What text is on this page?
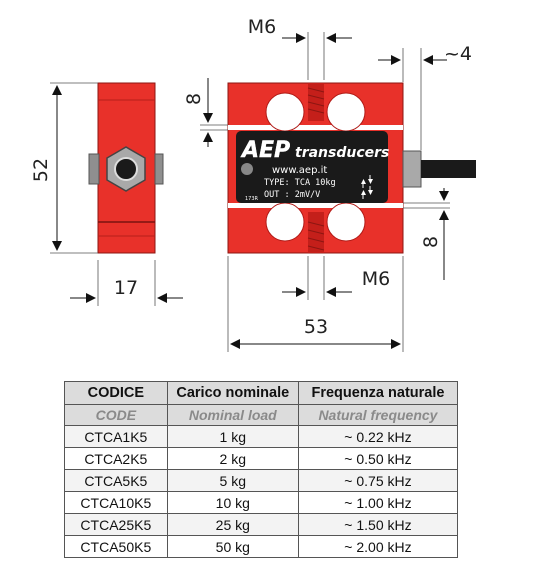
52
17
AEP transducers
www.aep.it
TYPE: TCA 10kg
OUT : 2mV/V
173R
M6
~4
8
8
M6
53
CODICE	Carico nominale	Frequenza naturale
CODE	Nominal load	Natural frequency
CTCA1K5	1 kg	~ 0.22 kHz
CTCA2K5	2 kg	~ 0.50 kHz
CTCA5K5	5 kg	~ 0.75 kHz
CTCA10K5	10 kg	~ 1.00 kHz
CTCA25K5	25 kg	~ 1.50 kHz
CTCA50K5	50 kg	~ 2.00 kHz
